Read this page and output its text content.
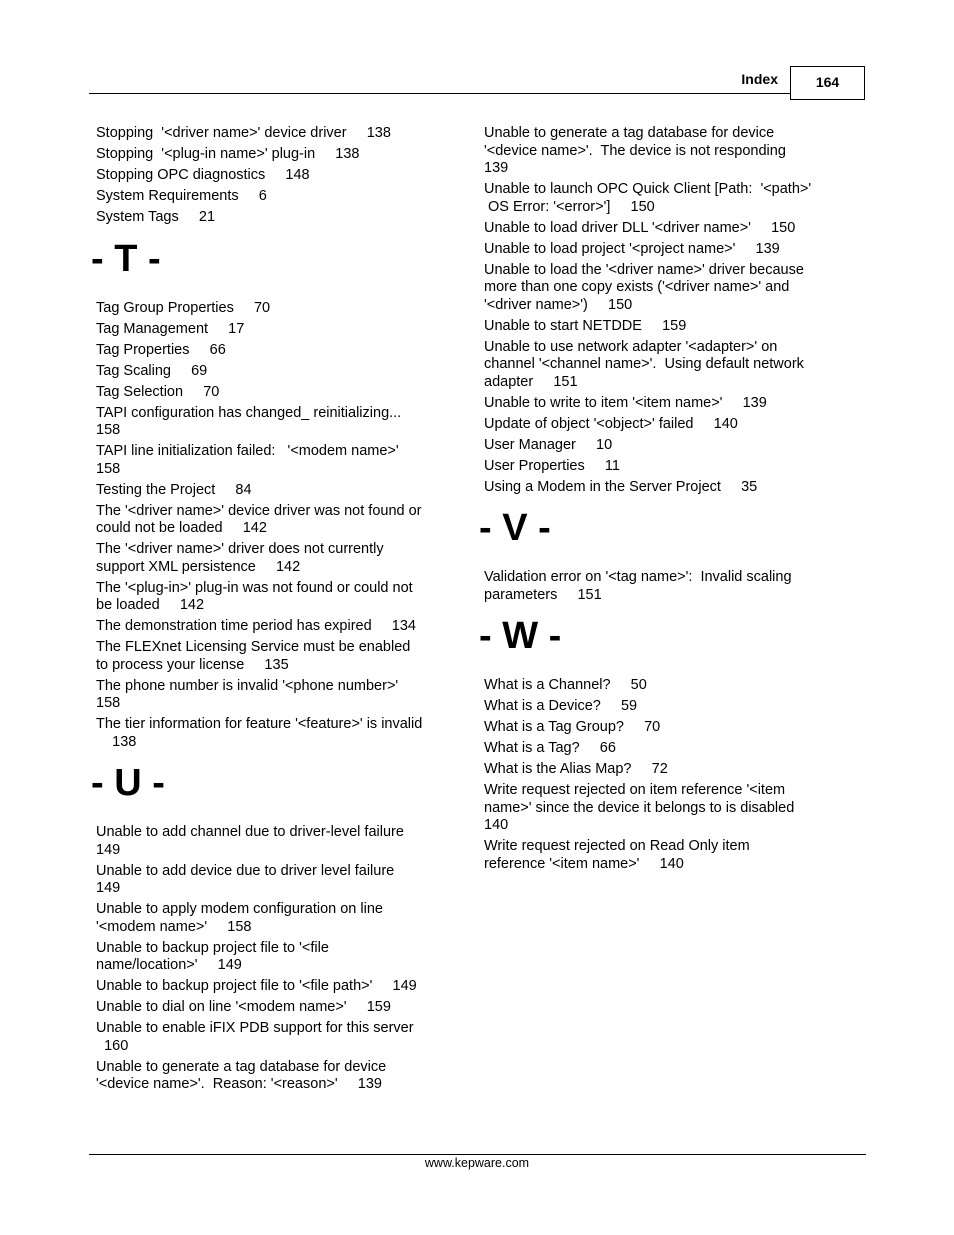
Index	164
Stopping  '<driver name>' device driver     138
Stopping  '<plug-in name>' plug-in     138
Stopping OPC diagnostics     148
System Requirements     6
System Tags     21
- T -
Tag Group Properties     70
Tag Management     17
Tag Properties     66
Tag Scaling     69
Tag Selection     70
TAPI configuration has changed_ reinitializing...
158
TAPI line initialization failed:   '<modem name>'
158
Testing the Project     84
The '<driver name>' device driver was not found or
could not be loaded     142
The '<driver name>' driver does not currently
support XML persistence     142
The '<plug-in>' plug-in was not found or could not
be loaded     142
The demonstration time period has expired     134
The FLEXnet Licensing Service must be enabled
to process your license     135
The phone number is invalid '<phone number>'
158
The tier information for feature '<feature>' is invalid
138
- U -
Unable to add channel due to driver-level failure
149
Unable to add device due to driver level failure
149
Unable to apply modem configuration on line
'<modem name>'     158
Unable to backup project file to '<file
name/location>'     149
Unable to backup project file to '<file path>'     149
Unable to dial on line '<modem name>'     159
Unable to enable iFIX PDB support for this server
160
Unable to generate a tag database for device
'<device name>'.  Reason: '<reason>'     139
Unable to generate a tag database for device
'<device name>'.  The device is not responding
139
Unable to launch OPC Quick Client [Path:  '<path>'
OS Error: '<error>']     150
Unable to load driver DLL '<driver name>'     150
Unable to load project '<project name>'     139
Unable to load the '<driver name>' driver because
more than one copy exists ('<driver name>' and
'<driver name>')     150
Unable to start NETDDE     159
Unable to use network adapter '<adapter>' on
channel '<channel name>'.  Using default network
adapter     151
Unable to write to item '<item name>'     139
Update of object '<object>' failed     140
User Manager     10
User Properties     11
Using a Modem in the Server Project     35
- V -
Validation error on '<tag name>':  Invalid scaling
parameters     151
- W -
What is a Channel?     50
What is a Device?     59
What is a Tag Group?     70
What is a Tag?     66
What is the Alias Map?     72
Write request rejected on item reference '<item
name>' since the device it belongs to is disabled
140
Write request rejected on Read Only item
reference '<item name>'     140
www.kepware.com
